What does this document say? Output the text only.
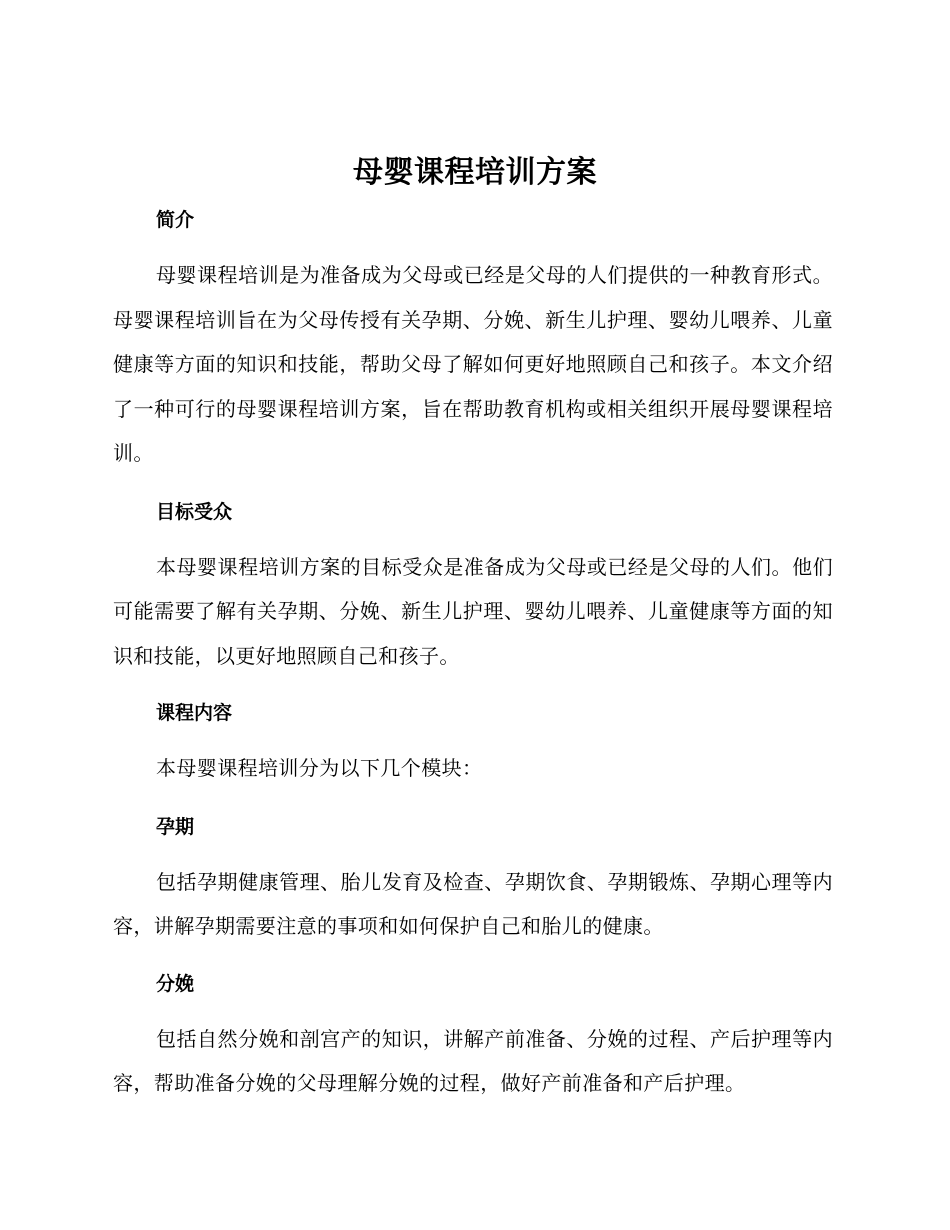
母婴课程培训方案
简介

母婴课程培训是为准备成为父母或已经是父母的人们提供的一种教育形式。母婴课程培训旨在为父母传授有关孕期、分娩、新生儿护理、婴幼儿喂养、儿童健康等方面的知识和技能，帮助父母了解如何更好地照顾自己和孩子。本文介绍了一种可行的母婴课程培训方案，旨在帮助教育机构或相关组织开展母婴课程培训。

目标受众

本母婴课程培训方案的目标受众是准备成为父母或已经是父母的人们。他们可能需要了解有关孕期、分娩、新生儿护理、婴幼儿喂养、儿童健康等方面的知识和技能，以更好地照顾自己和孩子。

课程内容

本母婴课程培训分为以下几个模块：

孕期

包括孕期健康管理、胎儿发育及检查、孕期饮食、孕期锻炼、孕期心理等内容，讲解孕期需要注意的事项和如何保护自己和胎儿的健康。

分娩

包括自然分娩和剖宫产的知识，讲解产前准备、分娩的过程、产后护理等内容，帮助准备分娩的父母理解分娩的过程，做好产前准备和产后护理。
